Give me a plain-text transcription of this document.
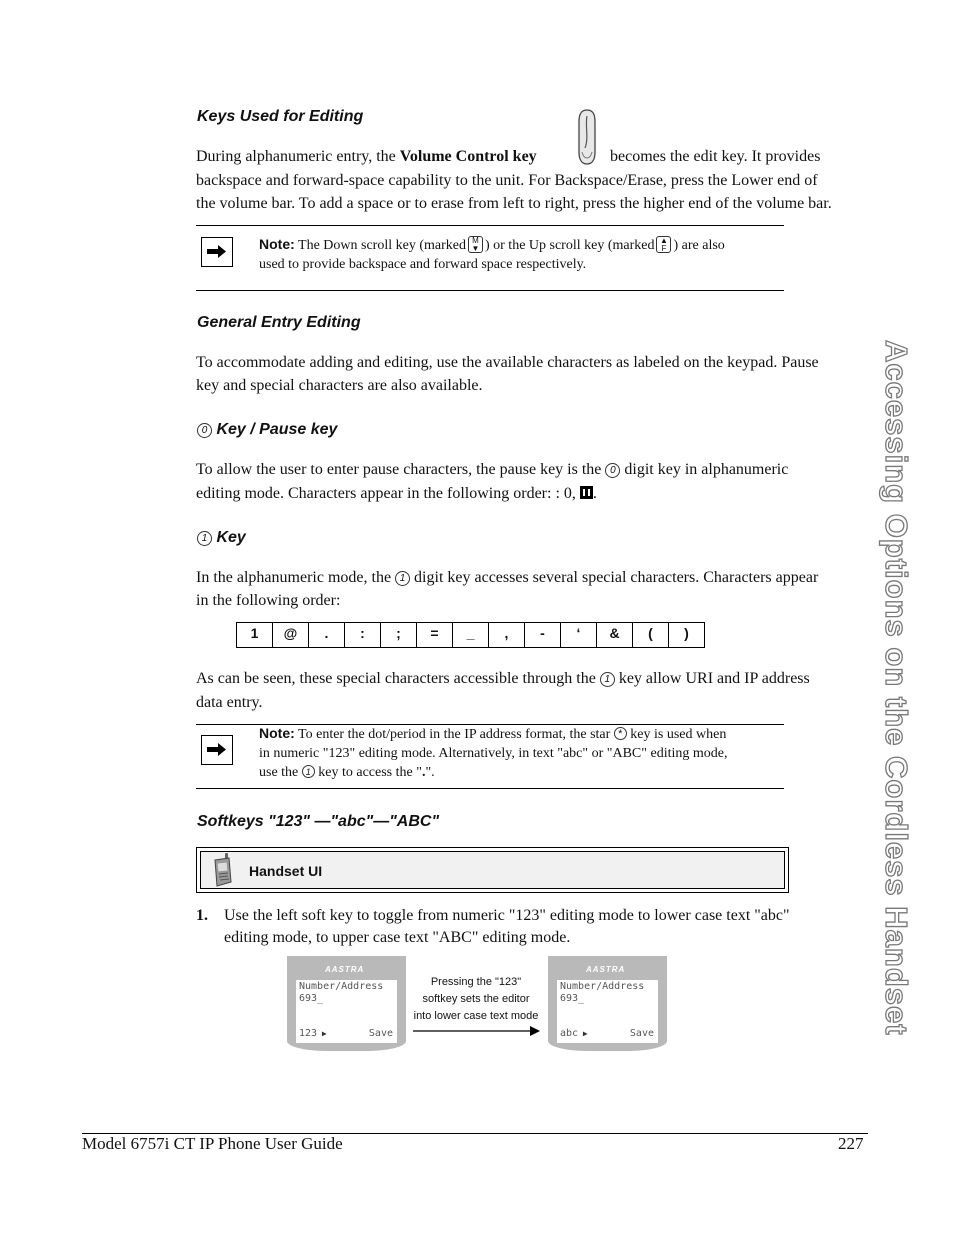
Keys Used for Editing
During alphanumeric entry, the Volume Control key	becomes the edit key. It provides
backspace and forward-space capability to the unit. For Backspace/Erase, press the Lower end of
the volume bar. To add a space or to erase from left to right, press the higher end of the volume bar.
Note: The Down scroll key (marked M
▼ ) or the Up scroll key (marked ▲
F ) are also
used to provide backspace and forward space respectively.
General Entry Editing
To accommodate adding and editing, use the available characters as labeled on the keypad. Pause
key and special characters are also available.
0 Key / Pause key
To allow the user to enter pause characters, the pause key is the 0 digit key in alphanumeric
editing mode. Characters appear in the following order: : 0, .
1 Key
In the alphanumeric mode, the 1 digit key accesses several special characters. Characters appear
in the following order:
1	@	.	:	;	=	_	,	-	‘	&	(	)
As can be seen, these special characters accessible through the 1 key allow URI and IP address
data entry.
Note: To enter the dot/period in the IP address format, the star * key is used when
in numeric "123" editing mode. Alternatively, in text "abc" or "ABC" editing mode,
use the 1 key to access the ".".
Softkeys "123" —"abc"—"ABC"
Handset UI
1. Use the left soft key to toggle from numeric "123" editing mode to lower case text "abc"
editing mode, to upper case text "ABC" editing mode.
AASTRA
Number/Address
693_
123 ▶	Save
Pressing the "123"
softkey sets the editor
into lower case text mode
AASTRA
Number/Address
693_
abc ▶	Save	Accessing Options on the Cordless Handset
Model 6757i CT IP Phone User Guide	227
